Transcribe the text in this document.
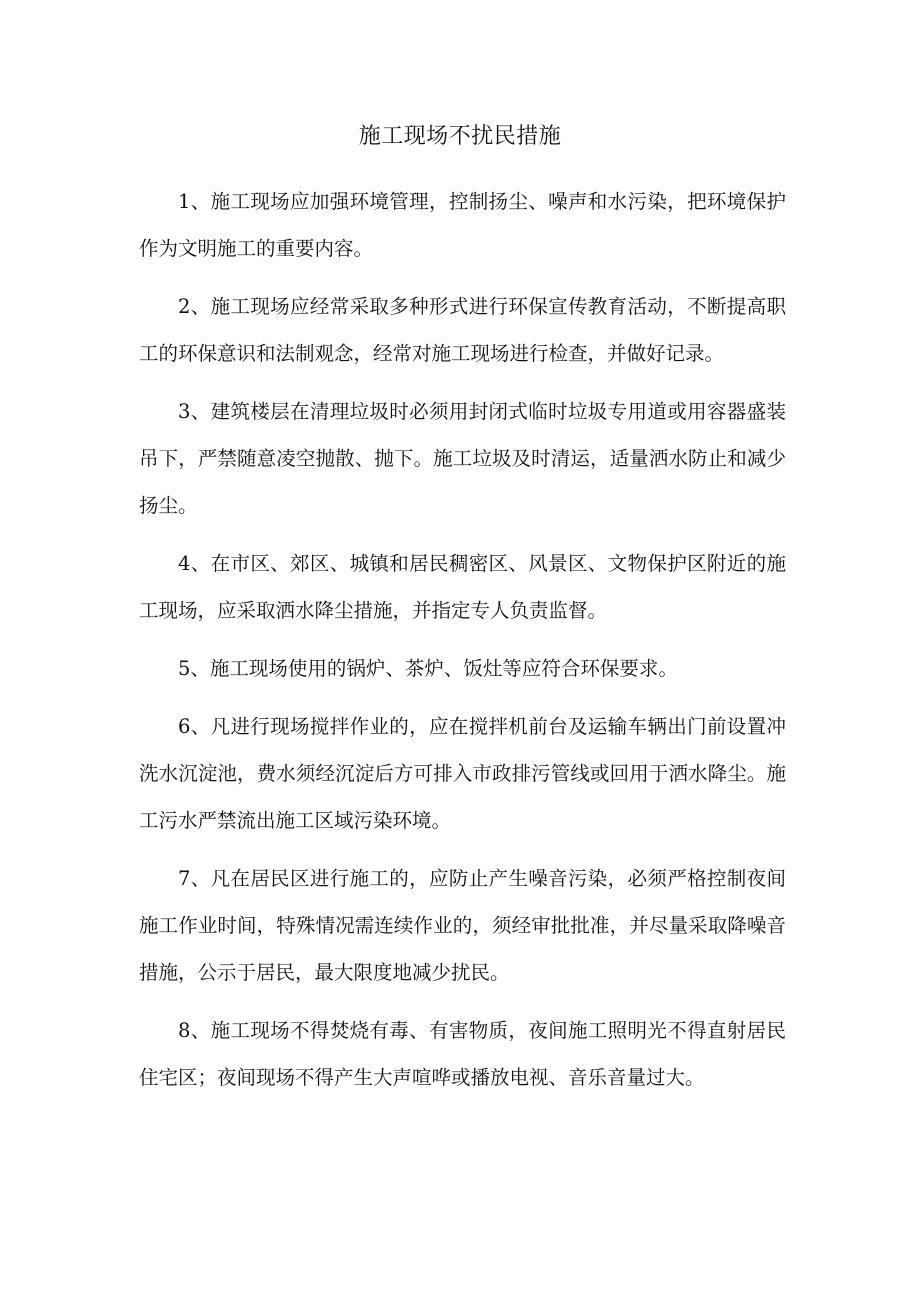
施工现场不扰民措施

1、施工现场应加强环境管理，控制扬尘、噪声和水污染，把环境保护作为文明施工的重要内容。

2、施工现场应经常采取多种形式进行环保宣传教育活动，不断提高职工的环保意识和法制观念，经常对施工现场进行检查，并做好记录。

3、建筑楼层在清理垃圾时必须用封闭式临时垃圾专用道或用容器盛装吊下，严禁随意凌空抛散、抛下。施工垃圾及时清运，适量洒水防止和减少扬尘。

4、在市区、郊区、城镇和居民稠密区、风景区、文物保护区附近的施工现场，应采取洒水降尘措施，并指定专人负责监督。

5、施工现场使用的锅炉、茶炉、饭灶等应符合环保要求。

6、凡进行现场搅拌作业的，应在搅拌机前台及运输车辆出门前设置冲洗水沉淀池，费水须经沉淀后方可排入市政排污管线或回用于洒水降尘。施工污水严禁流出施工区域污染环境。

7、凡在居民区进行施工的，应防止产生噪音污染，必须严格控制夜间施工作业时间，特殊情况需连续作业的，须经审批批准，并尽量采取降噪音措施，公示于居民，最大限度地减少扰民。

8、施工现场不得焚烧有毒、有害物质，夜间施工照明光不得直射居民住宅区；夜间现场不得产生大声喧哗或播放电视、音乐音量过大。
